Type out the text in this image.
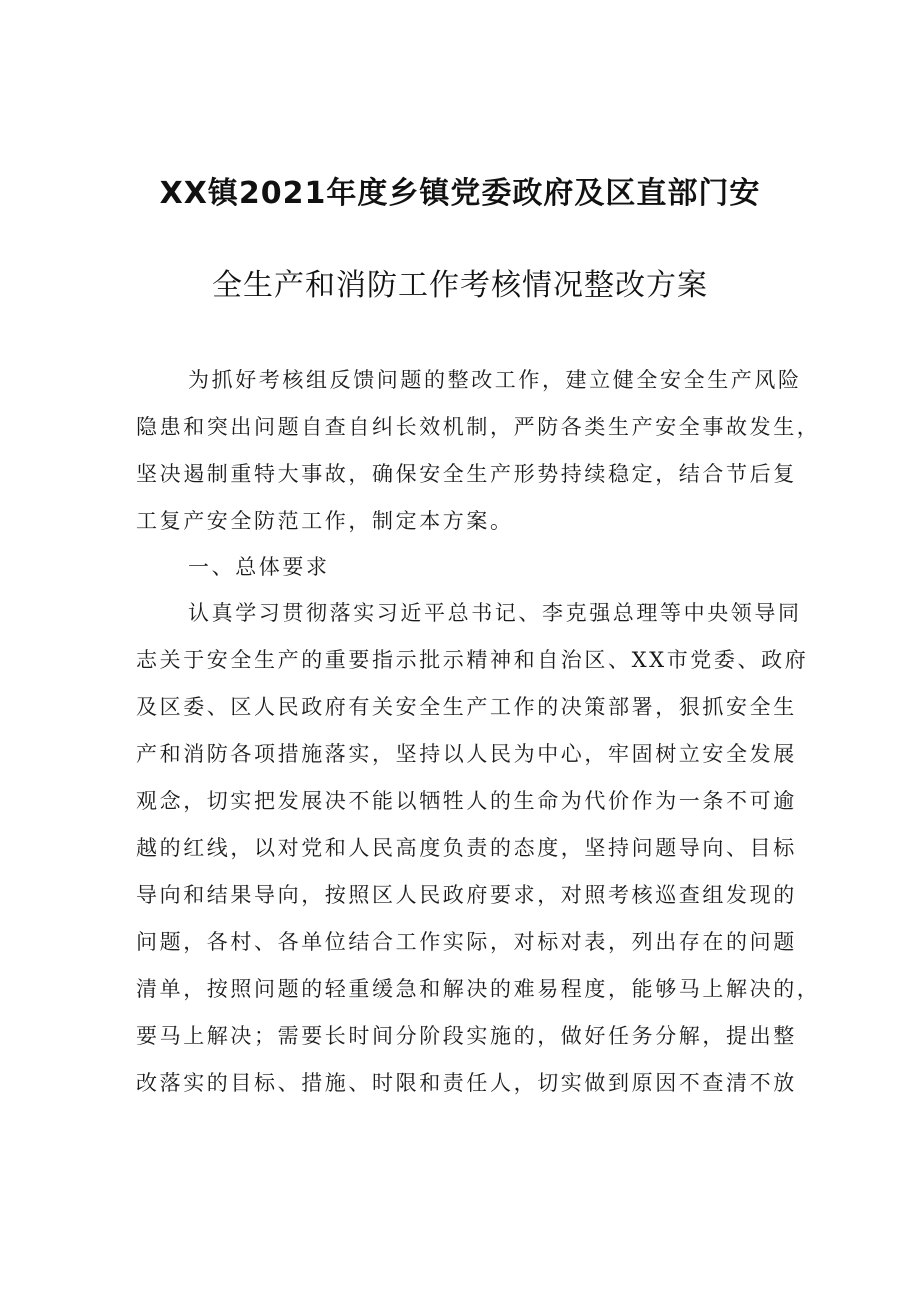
XX镇2021年度乡镇党委政府及区直部门安
全生产和消防工作考核情况整改方案
为抓好考核组反馈问题的整改工作，建立健全安全生产风险
隐患和突出问题自查自纠长效机制，严防各类生产安全事故发生，
坚决遏制重特大事故，确保安全生产形势持续稳定，结合节后复
工复产安全防范工作，制定本方案。
一、总体要求
认真学习贯彻落实习近平总书记、李克强总理等中央领导同
志关于安全生产的重要指示批示精神和自治区、XX市党委、政府
及区委、区人民政府有关安全生产工作的决策部署，狠抓安全生
产和消防各项措施落实，坚持以人民为中心，牢固树立安全发展
观念，切实把发展决不能以牺牲人的生命为代价作为一条不可逾
越的红线，以对党和人民高度负责的态度，坚持问题导向、目标
导向和结果导向，按照区人民政府要求，对照考核巡查组发现的
问题，各村、各单位结合工作实际，对标对表，列出存在的问题
清单，按照问题的轻重缓急和解决的难易程度，能够马上解决的，
要马上解决；需要长时间分阶段实施的，做好任务分解，提出整
改落实的目标、措施、时限和责任人，切实做到原因不查清不放
